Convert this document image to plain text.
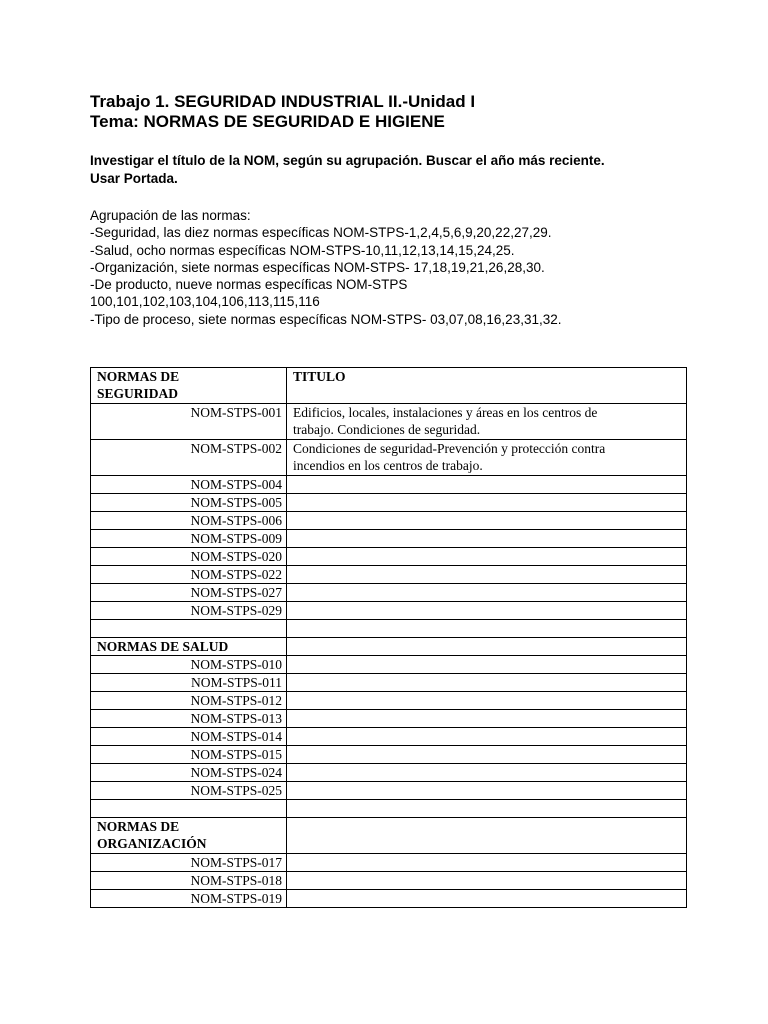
Trabajo 1. SEGURIDAD INDUSTRIAL II.-Unidad I
Tema: NORMAS DE SEGURIDAD E HIGIENE
Investigar el título de la NOM, según su agrupación. Buscar el año más reciente.
Usar Portada.
Agrupación de las normas:
-Seguridad, las diez normas específicas NOM-STPS-1,2,4,5,6,9,20,22,27,29.
-Salud, ocho normas específicas NOM-STPS-10,11,12,13,14,15,24,25.
-Organización, siete normas específicas NOM-STPS- 17,18,19,21,26,28,30.
-De producto, nueve normas específicas NOM-STPS
100,101,102,103,104,106,113,115,116
-Tipo de proceso, siete normas específicas NOM-STPS- 03,07,08,16,23,31,32.
NORMAS DE
SEGURIDAD	TITULO
NOM-STPS-001	Edificios, locales, instalaciones y áreas en los centros de
trabajo. Condiciones de seguridad.

NOM-STPS-002	Condiciones de seguridad-Prevención y protección contra
incendios en los centros de trabajo.

NOM-STPS-004	
NOM-STPS-005	
NOM-STPS-006	
NOM-STPS-009	
NOM-STPS-020	
NOM-STPS-022	
NOM-STPS-027	
NOM-STPS-029	

NORMAS DE SALUD	
NOM-STPS-010	
NOM-STPS-011	
NOM-STPS-012	
NOM-STPS-013	
NOM-STPS-014	
NOM-STPS-015	
NOM-STPS-024	
NOM-STPS-025	

NORMAS DE
ORGANIZACIÓN	

NOM-STPS-017	
NOM-STPS-018	
NOM-STPS-019	
